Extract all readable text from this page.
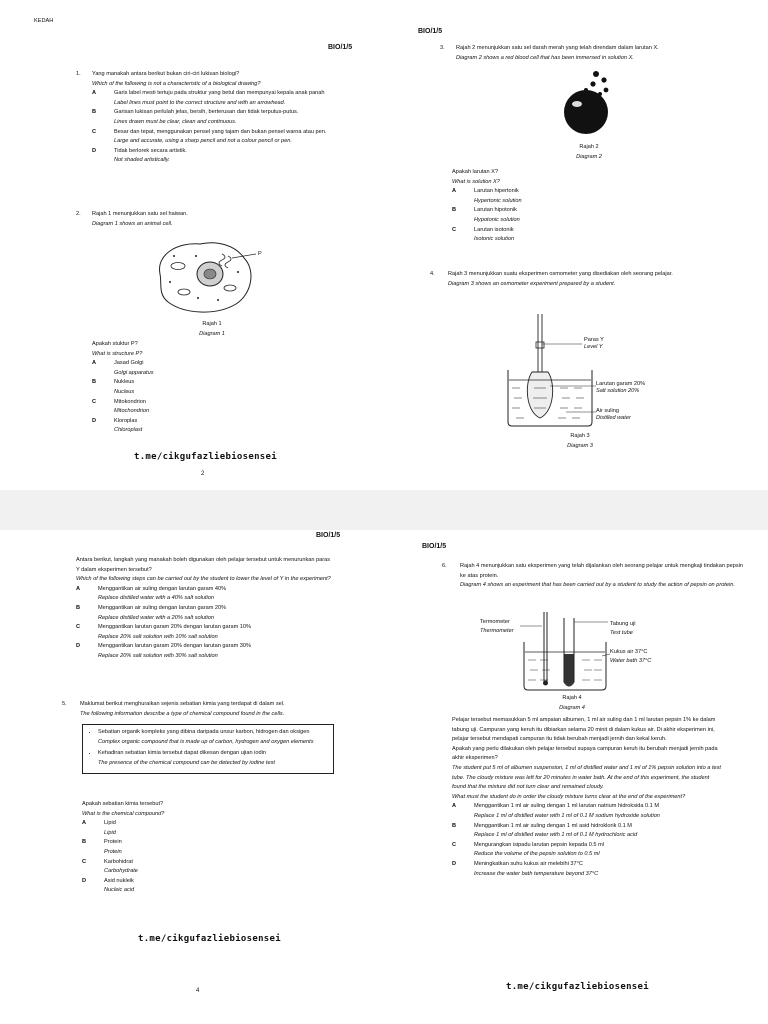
KEDAH
BIO/1/5
1. Yang manakah antara berikut bukan ciri-ciri lukisan biologi?
Which of the following is not a characteristic of a biological drawing?
A	Garis label mesti tertuju pada struktur yang betul dan mempunyai kepala anak panah
Label lines must point to the correct structure and with an arrowhead.
B	Garisan lukisan perlulah jelas, bersih, berterusan dan tidak terputus-putus.
Lines drawn must be clear, clean and continuous.
C	Besar dan tepat, menggunakan pensel yang tajam dan bukan pensel warna atau pen.
Large and accurate, using a sharp pencil and not a colour pencil or pen.
D	Tidak berlorek secara artistik.
Not shaded artistically.
2. Rajah 1 menunjukkan satu sel haiwan.
Diagram 1 shows an animal cell.
P
Rajah 1
Diagram 1
Apakah stuktur P?
What is structure P?
A	Jasad Golgi
Golgi apparatus
B	Nukleus
Nucleus
C	Mitokondrion
Mitochondrion
D	Kloroplas
Chloroplast
t.me/cikgufazliebiosensei
2
BIO/1/5
3. Rajah 2 menunjukkan satu sel darah merah yang telah direndam dalam larutan X.
Diagram 2 shows a red blood cell that has been immersed in solution X.
Rajah 2
Diagram 2
Apakah larutan X?
What is solution X?
A	Larutan hipertonik
Hypertonic solution
B	Larutan hipotonik
Hypotonic solution
C	Larutan isotonik
Isotonic solution
4. Rajah 3 menunjukkan suatu eksperimen osmometer yang disediakan oleh seorang pelajar.
Diagram 3 shows an osmometer experiment prepared by a student.
Paras Y
Level Y
Larutan garam 20%
Salt solution 20%
Air suling
Distilled water
Rajah 3
Diagram 3
BIO/1/5
Antara berikut, langkah yang manakah boleh digunakan oleh pelajar tersebut untuk menurunkan paras Y dalam eksperimen tersebut?
Which of the following steps can be carried out by the student to lower the level of Y in the experiment?
A	Menggantikan air suling dengan larutan garam 40%
Replace distilled water with a 40% salt solution
B	Menggantikan air suling dengan larutan garam 20%
Replace distilled water with a 20% salt solution
C	Menggantikan larutan garam 20% dengan larutan garam 10%
Replace 20% salt solution with 10% salt solution
D	Menggantikan larutan garam 20% dengan larutan garam 30%
Replace 20% salt solution with 30% salt solution
5. Maklumat berikut menghuraikan sejenis sebatian kimia yang terdapat di dalam sel.
The following information describe a type of chemical compound found in the cells.
• Sebatian organik kompleks yang dibina daripada unsur karbon, hidrogen dan oksigen
Complex organic compound that is made up of carbon, hydrogen and oxygen elements
• Kehadiran sebatian kimia tersebut dapat dikesan dengan ujian iodin
The presence of the chemical compound can be detected by iodine test
Apakah sebatian kimia tersebut?
What is the chemical compound?
A	Lipid
Lipid
B	Protein
Protein
C	Karbohidrat
Carbohydrate
D	Asid nukleik
Nucleic acid
t.me/cikgufazliebiosensei
4
BIO/1/5
6. Rajah 4 menunjukkan satu eksperimen yang telah dijalankan oleh seorang pelajar untuk mengkaji tindakan pepsin ke atas protein.
Diagram 4 shows an experiment that has been carried out by a student to study the action of pepsin on protein.
Termometer
Thermometer
Tabung uji
Test tube
Kukus air 37°C
Water bath 37°C
Rajah 4
Diagram 4
Pelajar tersebut memasukkan 5 ml ampaian albumen, 1 ml air suling dan 1 ml larutan pepsin 1% ke dalam tabung uji. Campuran yang keruh itu dibiarkan selama 20 minit di dalam kukus air. Di akhir eksperimen ini, pelajar tersebut mendapati campuran itu tidak berubah menjadi jernih dan kekal keruh.
Apakah yang perlu dilakukan oleh pelajar tersebut supaya campuran keruh itu berubah menjadi jernih pada akhir eksperimen?
The student put 5 ml of albumen suspension, 1 ml of distilled water and 1 ml of 1% pepsin solution into a test tube. The cloudy mixture was left for 20 minutes in water bath. At the end of this experiment, the student found that the mixture did not turn clear and remained cloudy.
What must the student do in order the cloudy mixture turns clear at the end of the experiment?
A	Menggantikan 1 ml air suling dengan 1 ml larutan natrium hidroksida 0.1 M
Replace 1 ml of distilled water with 1 ml of 0.1 M sodium hydroxide solution
B	Menggantikan 1 ml air suling dengan 1 ml asid hidroklorik 0.1 M
Replace 1 ml of distilled water with 1 ml of 0.1 M hydrochloric acid
C	Mengurangkan isipadu larutan pepsin kepada 0.5 ml
Reduce the volume of the pepsin solution to 0.5 ml
D	Meningkatkan suhu kukus air melebihi 37°C
Increase the water bath temperature beyond 37°C
t.me/cikgufazliebiosensei
